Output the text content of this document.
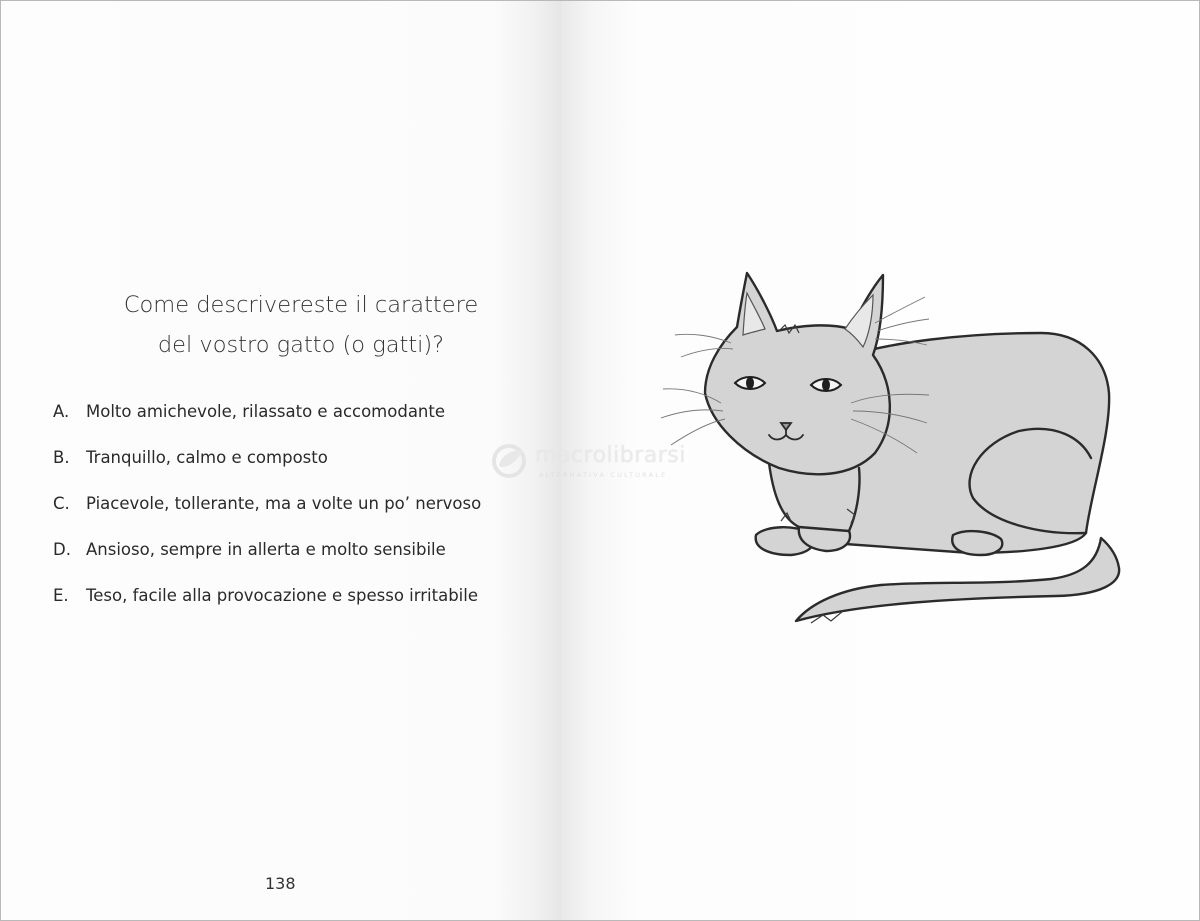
Come descrivereste il carattere
del vostro gatto (o gatti)?
A.	Molto amichevole, rilassato e accomodante
B. Tranquillo, calmo e composto
C. Piacevole, tollerante, ma a volte un po’ nervoso
D. Ansioso, sempre in allerta e molto sensibile
E.	Teso, facile alla provocazione e spesso irritabile
138
macrolibrarsi
ALTERNATIVA CULTURALE
